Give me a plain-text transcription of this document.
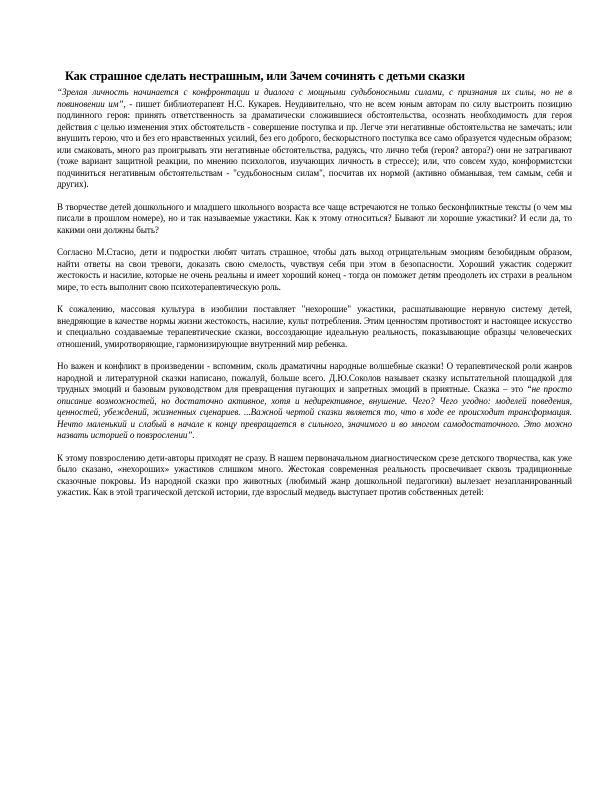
Как страшное сделать нестрашным, или Зачем сочинять с детьми сказки

“Зрелая личность начинается с конфронтации и диалога с мощными судьбоносными силами, с признания их силы, но не в повиновении им”, - пишет библиотерапевт Н.С. Кукарев. Неудивительно, что не всем юным авторам по силу выстроить позицию подлинного героя: принять ответственность за драматически сложившиеся обстоятельства, осознать необходимость для героя действия с целью изменения этих обстоятельств - совершение поступка и пр. Легче эти негативные обстоятельства не замечать; или внушить герою, что и без его нравственных усилий, без его доброго, бескорыстного поступка все само образуется чудесным образом; или смаковать, много раз проигрывать эти негативные обстоятельства, радуясь, что лично тебя (героя? автора?) они не затрагивают (тоже вариант защитной реакции, по мнению психологов, изучающих личность в стрессе); или, что совсем худо, конформистски подчиниться негативным обстоятельствам - "судьбоносным силам", посчитав их нормой (активно обманывая, тем самым, себя и других).

В творчестве детей дошкольного и младшего школьного возраста все чаще встречаются не только бесконфликтные тексты (о чем мы писали в прошлом номере), но и так называемые ужастики. Как к этому относиться? Бывают ли хорошие ужастики? И если да, то какими они должны быть?

Согласно М.Стасио, дети и подростки любят читать страшное, чтобы дать выход отрицательным эмоциям безобидным образом, найти ответы на свои тревоги, доказать свою смелость, чувствуя себя при этом в безопасности. Хороший ужастик содержит жестокость и насилие, которые не очень реальны и имеет хороший конец - тогда он поможет детям преодолеть их страхи в реальном мире, то есть выполнит свою психотерапевтическую роль.

К сожалению, массовая культура в изобилии поставляет "нехорошие" ужастики, расшатывающие нервную систему детей, внедряющие в качестве нормы жизни жестокость, насилие, культ потребления. Этим ценностям противостоят и настоящее искусство и специально создаваемые терапевтические сказки, воссоздающие идеальную реальность, показывающие образцы человеческих отношений, умиротворяющие, гармонизирующие внутренний мир ребенка.

Но важен и конфликт в произведении - вспомним, сколь драматичны народные волшебные сказки! О терапевтической роли жанров народной и литературной сказки написано, пожалуй, больше всего. Д.Ю.Соколов называет сказку испытательной площадкой для трудных эмоций и базовым руководством для превращения пугающих и запретных эмоций в приятные. Сказка – это “не просто описание возможностей, но достаточно активное, хотя и недирективное, внушение. Чего? Чего угодно: моделей поведения, ценностей, убеждений, жизненных сценариев. ...Важной чертой сказки является то, что в ходе ее происходит трансформация. Нечто маленький и слабый в начале к концу превращается в сильного, значимого и во многом самодостаточного. Это можно назвать историей о повзрослении”.

К этому повзрослению дети-авторы приходят не сразу. В нашем первоначальном диагностическом срезе детского творчества, как уже было сказано, «нехороших» ужастиков слишком много. Жестокая современная реальность просвечивает сквозь традиционные сказочные покровы. Из народной сказки про животных (любимый жанр дошкольной педагогики) вылезает незапланированный ужастик. Как в этой трагической детской истории, где взрослый медведь выступает против собственных детей:
